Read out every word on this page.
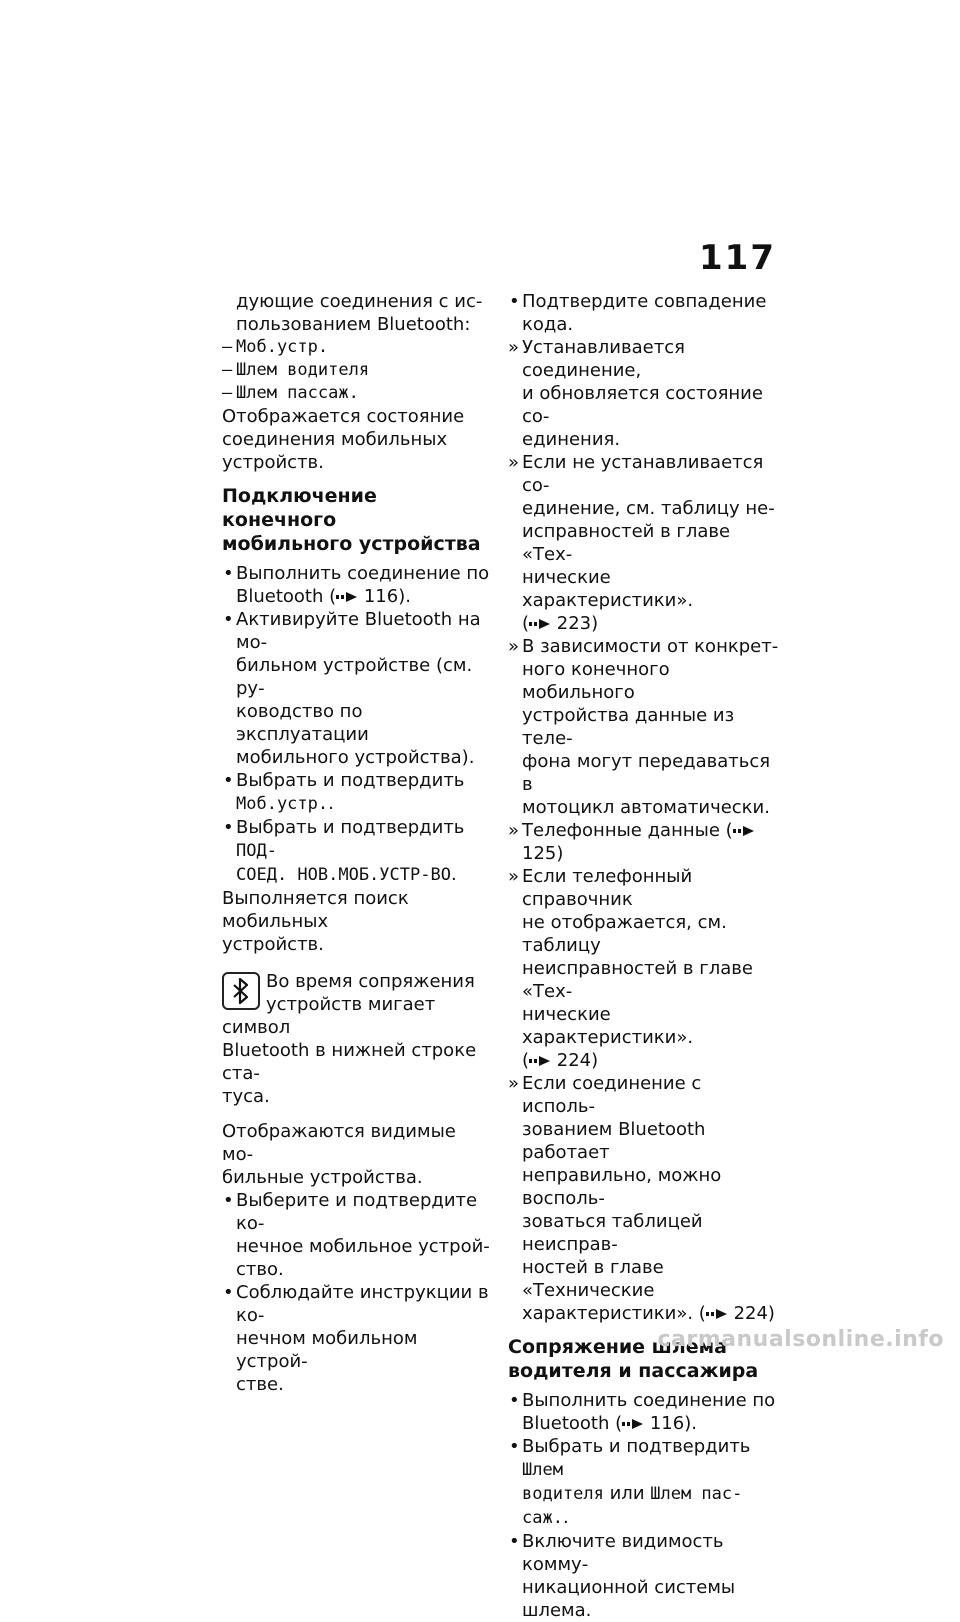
117

дующие соединения с ис-
пользованием Bluetooth:

– Моб.устр.

– Шлем водителя

– Шлем пассаж.

Отображается состояние
соединения мобильных
устройств.

Подключение конечного
мобильного устройства

• Выполнить соединение по
Bluetooth ( 116).

• Активируйте Bluetooth на мо-
бильном устройстве (см. ру-
ководство по эксплуатации
мобильного устройства).

• Выбрать и подтвердить
Моб.устр..

• Выбрать и подтвердить ПОД-
СОЕД. НОВ.МОБ.УСТР-ВО.

Выполняется поиск мобильных
устройств.

Во время сопряжения
устройств мигает символ
Bluetooth в нижней строке ста-
туса.

Отображаются видимые мо-
бильные устройства.

• Выберите и подтвердите ко-
нечное мобильное устрой-
ство.

• Соблюдайте инструкции в ко-
нечном мобильном устрой-
стве.

• Подтвердите совпадение
кода.

» Устанавливается соединение,
и обновляется состояние со-
единения.

» Если не устанавливается со-
единение, см. таблицу не-
исправностей в главе «Тех-
нические характеристики».
( 223)

» В зависимости от конкрет-
ного конечного мобильного
устройства данные из теле-
фона могут передаваться в
мотоцикл автоматически.

» Телефонные данные ( 125)

» Если телефонный справочник
не отображается, см. таблицу
неисправностей в главе «Тех-
нические характеристики».
( 224)

» Если соединение с исполь-
зованием Bluetooth работает
неправильно, можно восполь-
зоваться таблицей неисправ-
ностей в главе «Технические
характеристики». ( 224)

Сопряжение шлема
водителя и пассажира

• Выполнить соединение по
Bluetooth ( 116).

• Выбрать и подтвердить Шлем
водителя или Шлем пас-
саж..

• Включите видимость комму-
никационной системы шлема.

carmanualsonline.info
